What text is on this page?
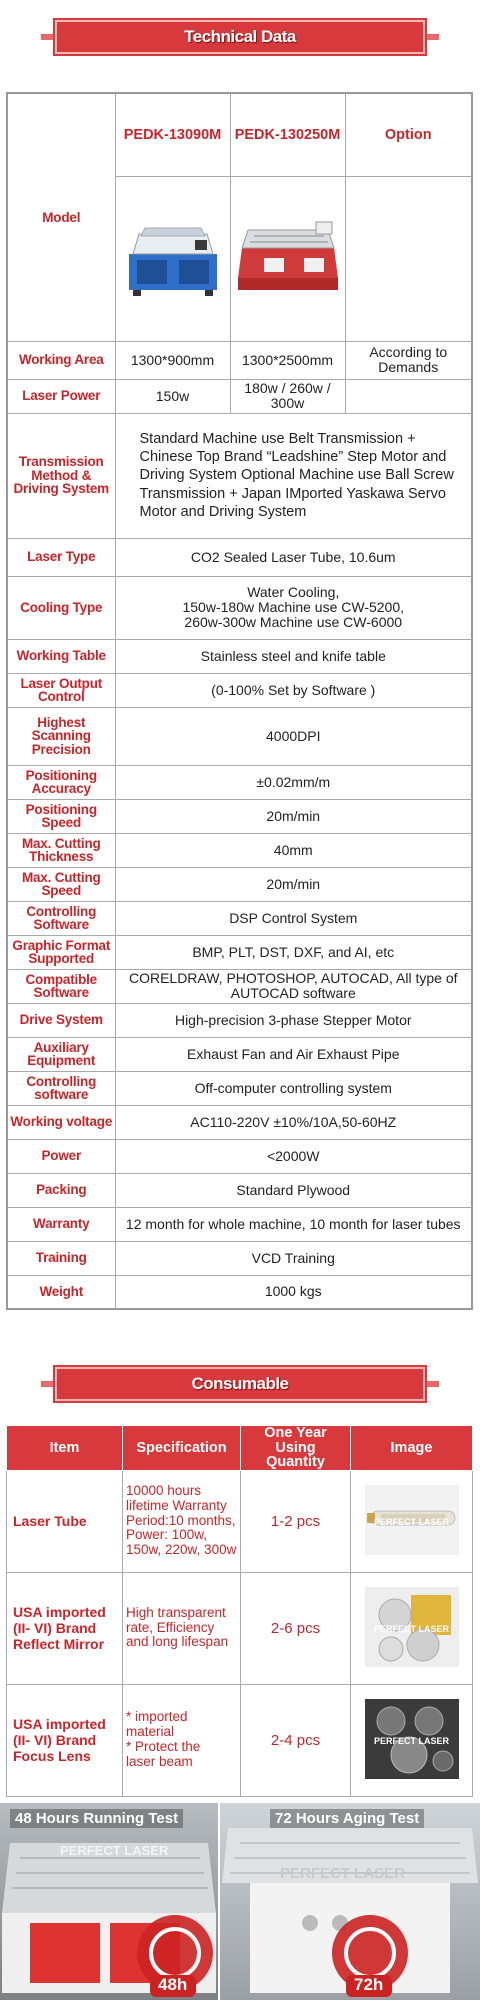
Technical Data
Model	PEDK-13090M	PEDK-130250M	Option

Working Area	1300*900mm	1300*2500mm	According to Demands
Laser Power	150w	180w / 260w / 300w	
Transmission Method & Driving System	Standard Machine use Belt Transmission + Chinese Top Brand “Leadshine” Step Motor and Driving System Optional Machine use Ball Screw Transmission + Japan IMported Yaskawa Servo Motor and Driving System		
Laser Type	CO2 Sealed Laser Tube, 10.6um		
Cooling Type	Water Cooling,
150w-180w Machine use CW-5200,
260w-300w Machine use CW-6000		
Working Table	Stainless steel and knife table		
Laser Output Control	(0-100% Set by Software )		
Highest Scanning Precision	4000DPI		
Positioning Accuracy	±0.02mm/m		
Positioning Speed	20m/min		
Max. Cutting Thickness	40mm		
Max. Cutting Speed	20m/min		
Controlling Software	DSP Control System		
Graphic Format Supported	BMP, PLT, DST, DXF, and AI, etc		
Compatible Software	CORELDRAW, PHOTOSHOP, AUTOCAD, All type of AUTOCAD software		
Drive System	High-precision 3-phase Stepper Motor		
Auxiliary Equipment	Exhaust Fan and Air Exhaust Pipe		
Controlling software	Off-computer controlling system		
Working voltage	AC110-220V ±10%/10A,50-60HZ		
Power	<2000W		
Packing	Standard Plywood		
Warranty	12 month for whole machine, 10 month for laser tubes		
Training	VCD Training		
Weight	1000 kgs		
Consumable
Item	Specification	One Year Using Quantity	Image
Laser Tube	10000 hours lifetime Warranty Period:10 months, Power: 100w, 150w, 220w, 300w	1-2 pcs	PERFECT LASER

USA imported (II- VI) Brand Reflect Mirror	High transparent rate, Efficiency and long lifespan	2-6 pcs	PERFECT LASER

USA imported (II- VI) Brand Focus Lens	* imported
material
* Protect the
laser beam	2-4 pcs	PERFECT LASER
48 Hours Running Test
PERFECT LASER
48h
72 Hours Aging Test
PERFECT LASER
72h
